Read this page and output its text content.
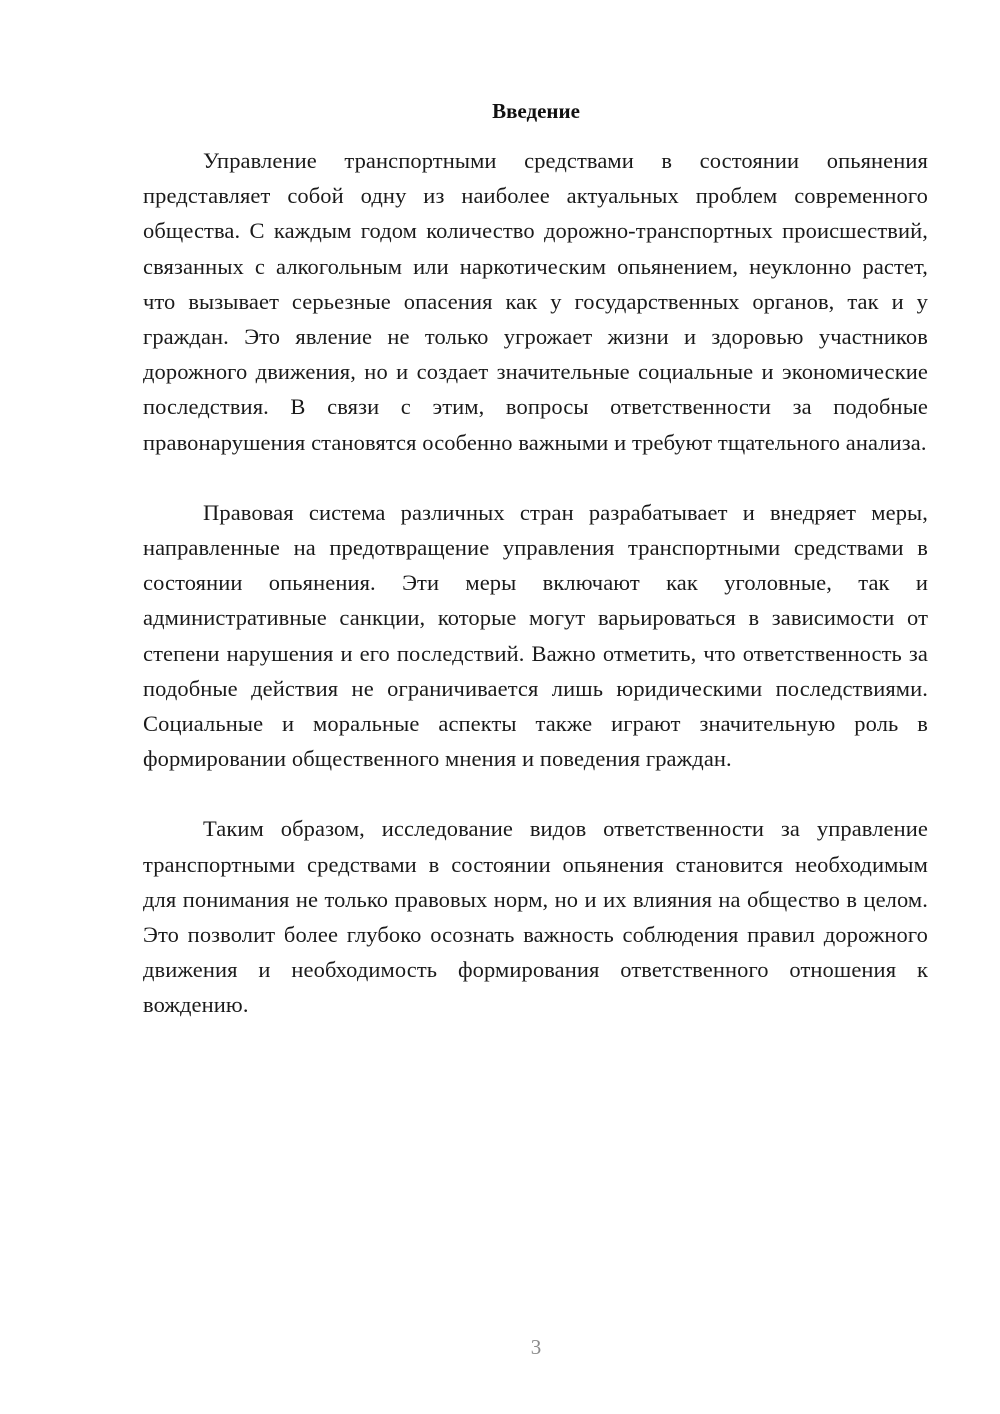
Введение

Управление транспортными средствами в состоянии опьянения представляет собой одну из наиболее актуальных проблем современного общества. С каждым годом количество дорожно-транспортных происшествий, связанных с алкогольным или наркотическим опьянением, неуклонно растет, что вызывает серьезные опасения как у государственных органов, так и у граждан. Это явление не только угрожает жизни и здоровью участников дорожного движения, но и создает значительные социальные и экономические последствия. В связи с этим, вопросы ответственности за подобные правонарушения становятся особенно важными и требуют тщательного анализа.

Правовая система различных стран разрабатывает и внедряет меры, направленные на предотвращение управления транспортными средствами в состоянии опьянения. Эти меры включают как уголовные, так и административные санкции, которые могут варьироваться в зависимости от степени нарушения и его последствий. Важно отметить, что ответственность за подобные действия не ограничивается лишь юридическими последствиями. Социальные и моральные аспекты также играют значительную роль в формировании общественного мнения и поведения граждан.

Таким образом, исследование видов ответственности за управление транспортными средствами в состоянии опьянения становится необходимым для понимания не только правовых норм, но и их влияния на общество в целом. Это позволит более глубоко осознать важность соблюдения правил дорожного движения и необходимость формирования ответственного отношения к вождению.

3
